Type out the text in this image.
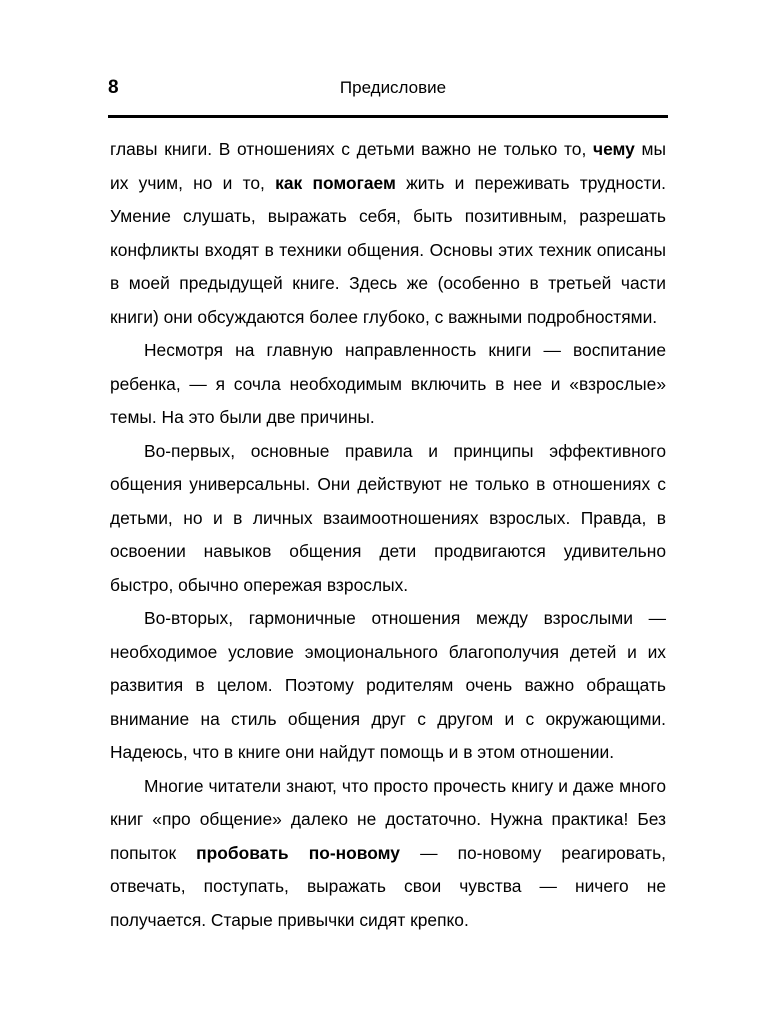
8	Предисловие

главы книги. В отношениях с детьми важно не только то, чему мы их учим, но и то, как помогаем жить и переживать трудности. Умение слушать, выражать себя, быть позитивным, разрешать конфликты входят в техники общения. Основы этих техник описаны в моей предыдущей книге. Здесь же (особенно в третьей части книги) они обсуждаются более глубоко, с важными подробностями.

Несмотря на главную направленность книги — воспитание ребенка, — я сочла необходимым включить в нее и «взрослые» темы. На это были две причины.

Во-первых, основные правила и принципы эффективного общения универсальны. Они действуют не только в отношениях с детьми, но и в личных взаимоотношениях взрослых. Правда, в освоении навыков общения дети продвигаются удивительно быстро, обычно опережая взрослых.

Во-вторых, гармоничные отношения между взрослыми — необходимое условие эмоционального благополучия детей и их развития в целом. Поэтому родителям очень важно обращать внимание на стиль общения друг с другом и с окружающими. Надеюсь, что в книге они найдут помощь и в этом отношении.

Многие читатели знают, что просто прочесть книгу и даже много книг «про общение» далеко не достаточно. Нужна практика! Без попыток пробовать по-новому — по-новому реагировать, отвечать, поступать, выражать свои чувства — ничего не получается. Старые привычки сидят крепко.
